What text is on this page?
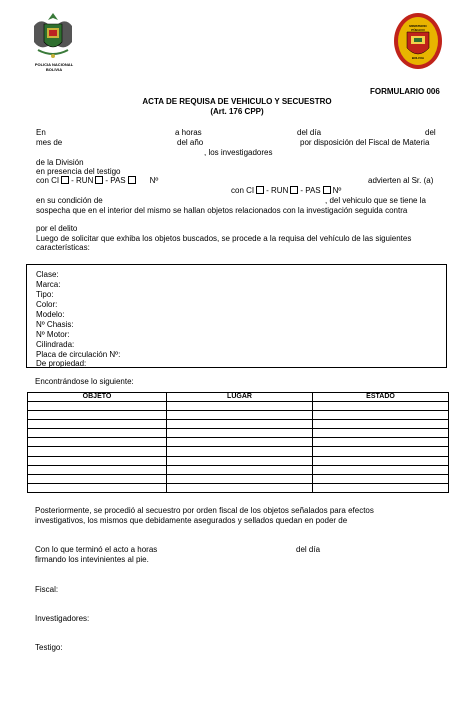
POLICIA NACIONAL
BOLIVIA
MINISTERIO PÚBLICO
BOLIVIA
FORMULARIO 006
ACTA DE REQUISA DE VEHICULO Y SECUESTRO
(Art. 176 CPP)
En	a horas	del día	del
mes de	del año	por disposición del Fiscal de Materia
, los investigadores
de la División
en presencia del testigo
con CI - RUN - PAS	Nº	advierten al Sr. (a)
con CI - RUN - PAS Nº
en su condición de	, del vehiculo que se tiene la
sospecha que en el interior del mismo se hallan objetos relacionados con la investigación seguida contra
por el delito
Luego de solicitar que exhiba los objetos buscados, se procede a la requisa del vehículo de las siguientes
características:
Clase:
Marca:
Tipo:
Color:
Modelo:
Nº Chasis:
Nº Motor:
Cilindrada:
Placa de circulación Nº:
De propiedad:
Encontrándose lo siguiente:
OBJETO	LUGAR	ESTADO

Posteriormente, se procedió al secuestro por orden fiscal de los objetos señalados para efectos
investigativos, los mismos que debidamente asegurados y sellados quedan en poder de
Con lo que terminó el acto a horas	del día
firmando los intevinientes al pie.
Fiscal:
Investigadores:
Testigo:
